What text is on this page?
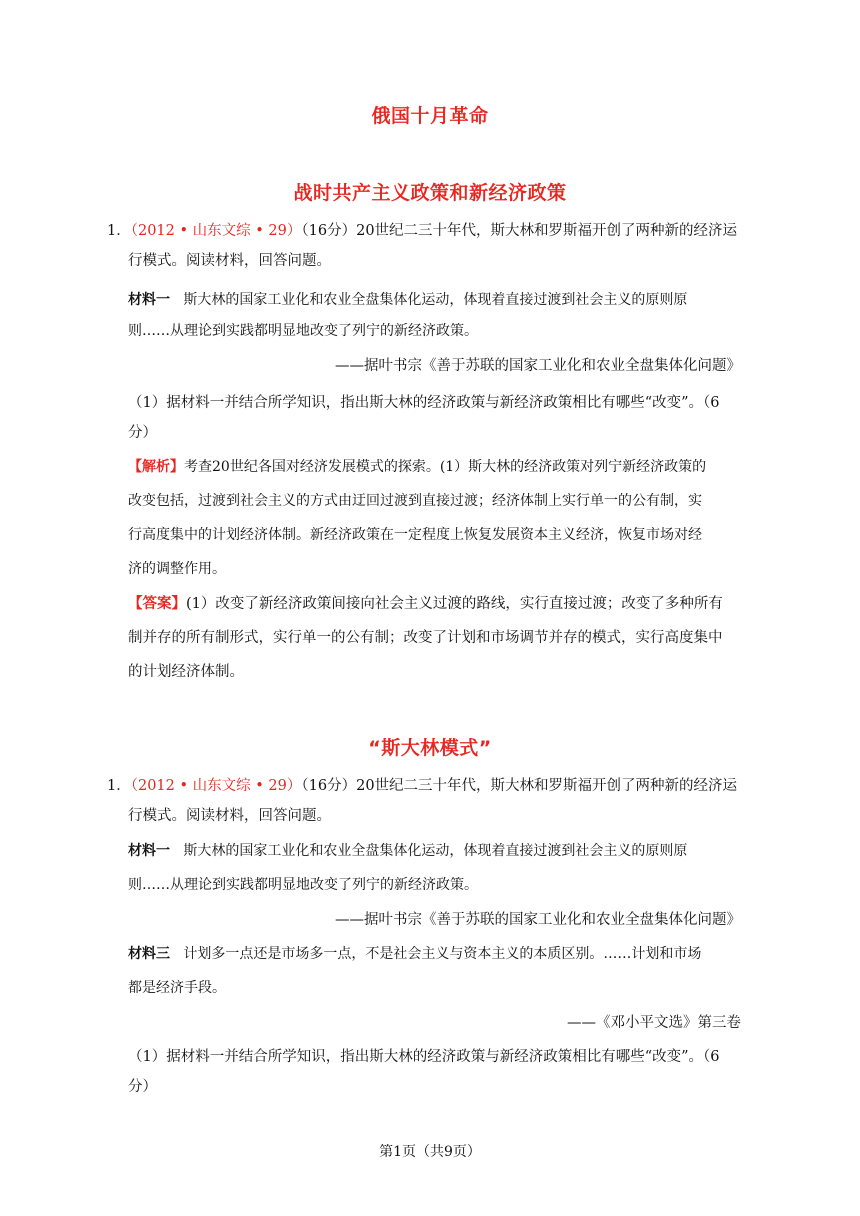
俄国十月革命
战时共产主义政策和新经济政策
1．（2012 • 山东文综 • 29）（16分）20世纪二三十年代，斯大林和罗斯福开创了两种新的经济运
行模式。阅读材料，回答问题。
材料一 斯大林的国家工业化和农业全盘集体化运动，体现着直接过渡到社会主义的原则原
则……从理论到实践都明显地改变了列宁的新经济政策。
——据叶书宗《善于苏联的国家工业化和农业全盘集体化问题》
（1）据材料一并结合所学知识，指出斯大林的经济政策与新经济政策相比有哪些“改变”。（6
分）
【解析】考查20世纪各国对经济发展模式的探索。(1）斯大林的经济政策对列宁新经济政策的
改变包括，过渡到社会主义的方式由迂回过渡到直接过渡；经济体制上实行单一的公有制，实
行高度集中的计划经济体制。新经济政策在一定程度上恢复发展资本主义经济，恢复市场对经
济的调整作用。
【答案】(1）改变了新经济政策间接向社会主义过渡的路线，实行直接过渡；改变了多种所有
制并存的所有制形式，实行单一的公有制；改变了计划和市场调节并存的模式，实行高度集中
的计划经济体制。
“斯大林模式”
1．（2012 • 山东文综 • 29）（16分）20世纪二三十年代，斯大林和罗斯福开创了两种新的经济运
行模式。阅读材料，回答问题。
材料一 斯大林的国家工业化和农业全盘集体化运动，体现着直接过渡到社会主义的原则原
则……从理论到实践都明显地改变了列宁的新经济政策。
——据叶书宗《善于苏联的国家工业化和农业全盘集体化问题》
材料三 计划多一点还是市场多一点，不是社会主义与资本主义的本质区别。……计划和市场
都是经济手段。
——《邓小平文选》第三卷
（1）据材料一并结合所学知识，指出斯大林的经济政策与新经济政策相比有哪些“改变”。（6
分）
第1页（共9页）
